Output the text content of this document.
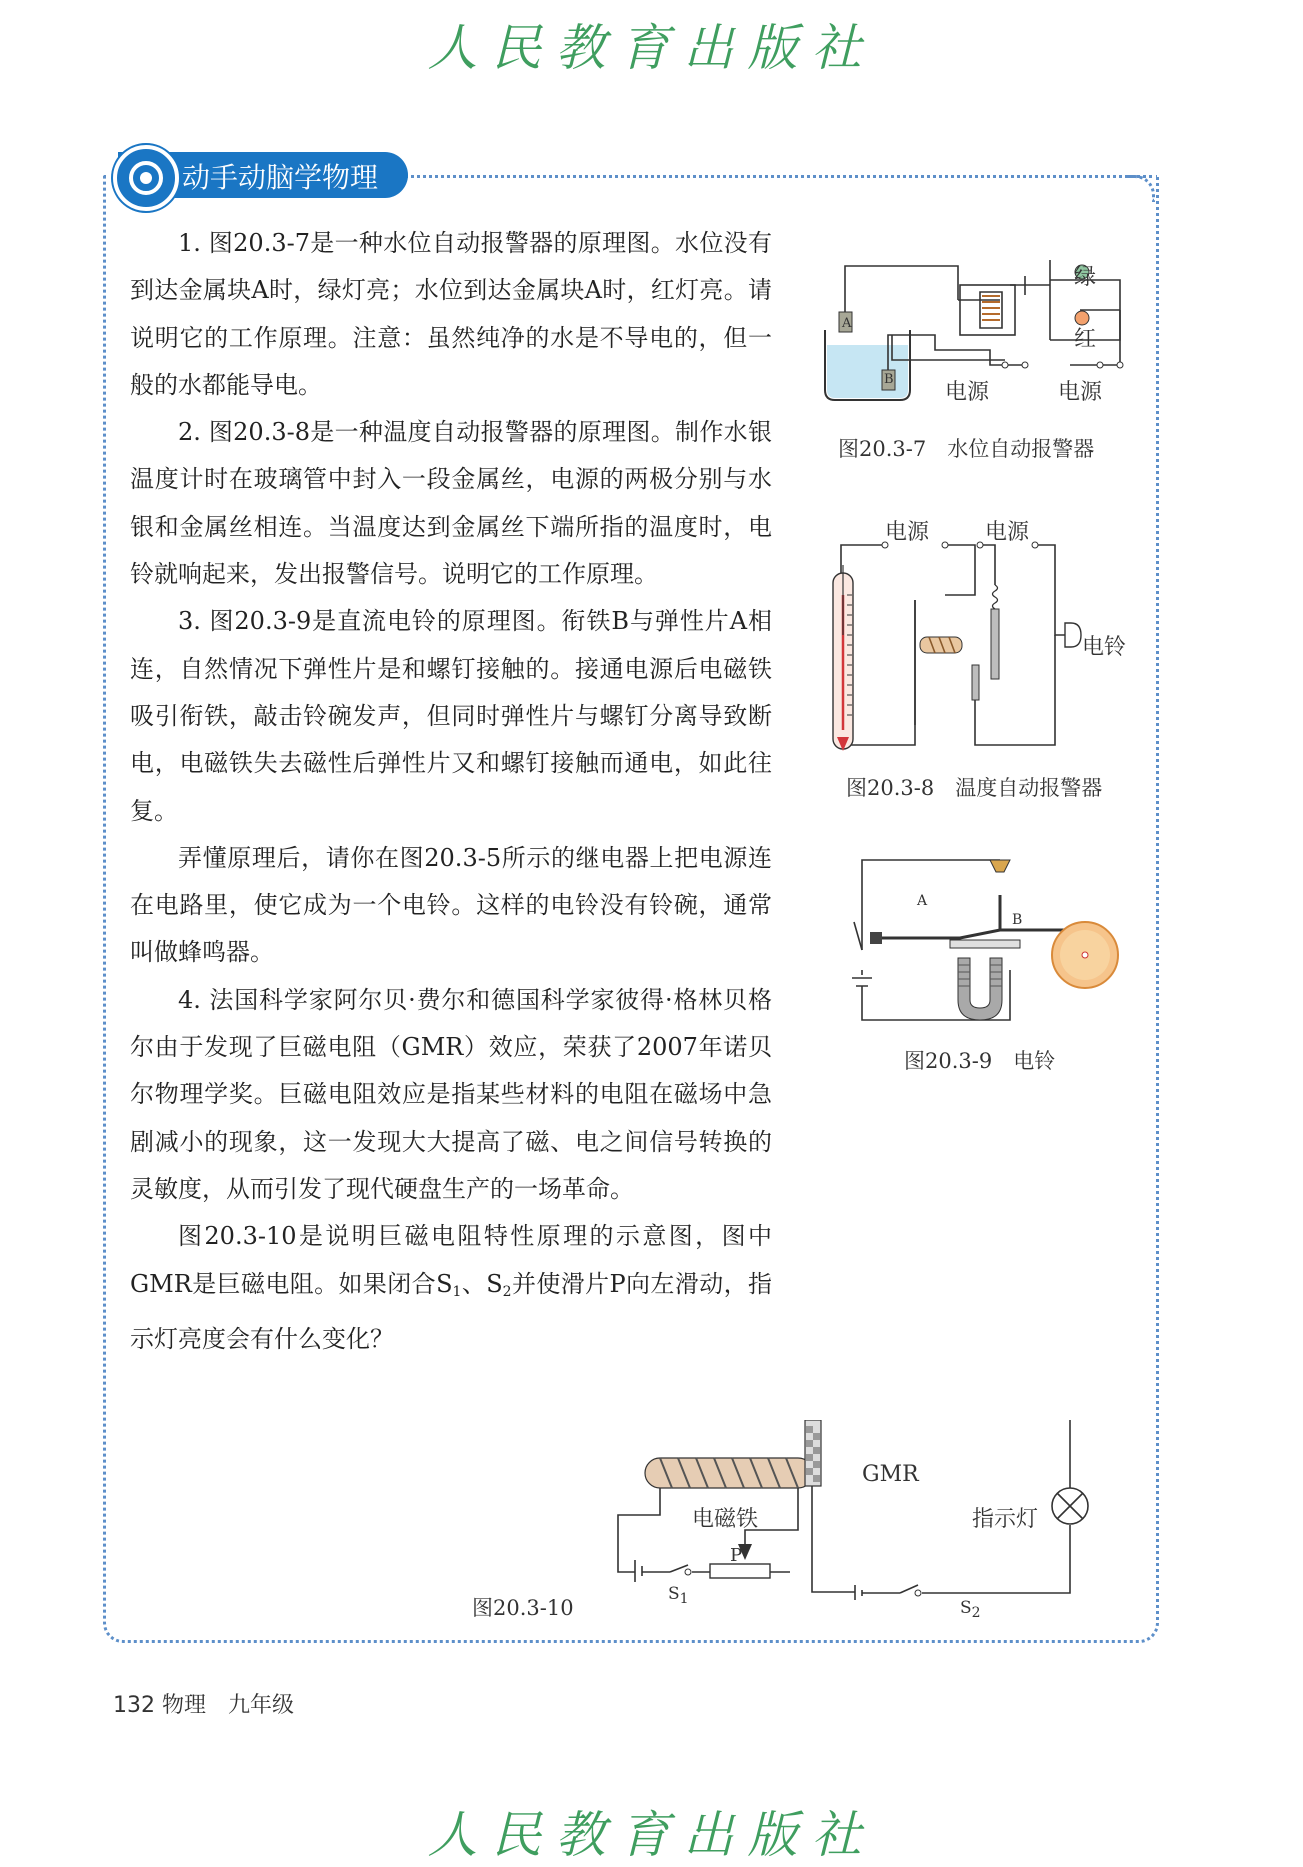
人民教育出版社
动手动脑学物理

1. 图20.3-7是一种水位自动报警器的原理图。水位没有到达金属块A时，绿灯亮；水位到达金属块A时，红灯亮。请说明它的工作原理。注意：虽然纯净的水是不导电的，但一般的水都能导电。

2. 图20.3-8是一种温度自动报警器的原理图。制作水银温度计时在玻璃管中封入一段金属丝，电源的两极分别与水银和金属丝相连。当温度达到金属丝下端所指的温度时，电铃就响起来，发出报警信号。说明它的工作原理。

3. 图20.3-9是直流电铃的原理图。衔铁B与弹性片A相连，自然情况下弹性片是和螺钉接触的。接通电源后电磁铁吸引衔铁，敲击铃碗发声，但同时弹性片与螺钉分离导致断电，电磁铁失去磁性后弹性片又和螺钉接触而通电，如此往复。

弄懂原理后，请你在图20.3-5所示的继电器上把电源连在电路里，使它成为一个电铃。这样的电铃没有铃碗，通常叫做蜂鸣器。

4. 法国科学家阿尔贝·费尔和德国科学家彼得·格林贝格尔由于发现了巨磁电阻（GMR）效应，荣获了2007年诺贝尔物理学奖。巨磁电阻效应是指某些材料的电阻在磁场中急剧减小的现象，这一发现大大提高了磁、电之间信号转换的灵敏度，从而引发了现代硬盘生产的一场革命。

图20.3-10是说明巨磁电阻特性原理的示意图，图中GMR是巨磁电阻。如果闭合$S_1$、$S_2$并使滑片P向左滑动，指示灯亮度会有什么变化？

A
B
绿
红
电源	电源
图20.3-7　水位自动报警器
电源	电源
电铃
图20.3-8　温度自动报警器
A
B
图20.3-9　电铃
GMR
电磁铁	指示灯
P
$S_1$	$S_2$
图20.3-10
132 物理　九年级
人民教育出版社
